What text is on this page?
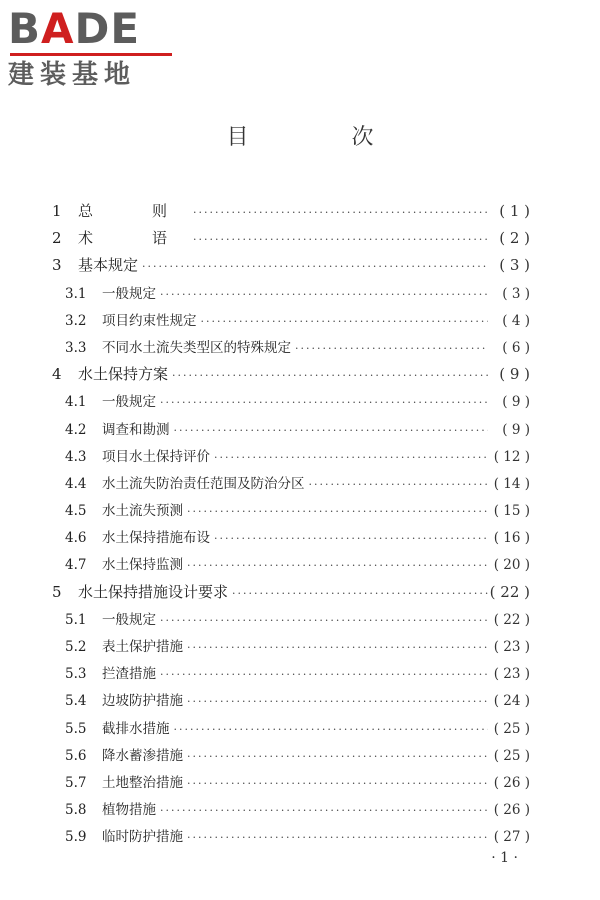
BADE
建装基地
目 次
1	总　则 ·····	( 1 )
2	术　语 ·····	( 2 )
3	基本规定 ·····	( 3 )
3.1	一般规定 ·····	( 3 )
3.2	项目约束性规定 ·····	( 4 )
3.3	不同水土流失类型区的特殊规定 ·····	( 6 )
4	水土保持方案 ·····	( 9 )
4.1	一般规定 ·····	( 9 )
4.2	调查和勘测 ·····	( 9 )
4.3	项目水土保持评价 ·····	( 12 )
4.4	水土流失防治责任范围及防治分区 ·····	( 14 )
4.5	水土流失预测 ·····	( 15 )
4.6	水土保持措施布设 ·····	( 16 )
4.7	水土保持监测 ·····	( 20 )
5	水土保持措施设计要求 ·····	( 22 )
5.1	一般规定 ·····	( 22 )
5.2	表土保护措施 ·····	( 23 )
5.3	拦渣措施 ·····	( 23 )
5.4	边坡防护措施 ·····	( 24 )
5.5	截排水措施 ·····	( 25 )
5.6	降水蓄渗措施 ·····	( 25 )
5.7	土地整治措施 ·····	( 26 )
5.8	植物措施 ·····	( 26 )
5.9	临时防护措施 ·····	( 27 )
· 1 ·
